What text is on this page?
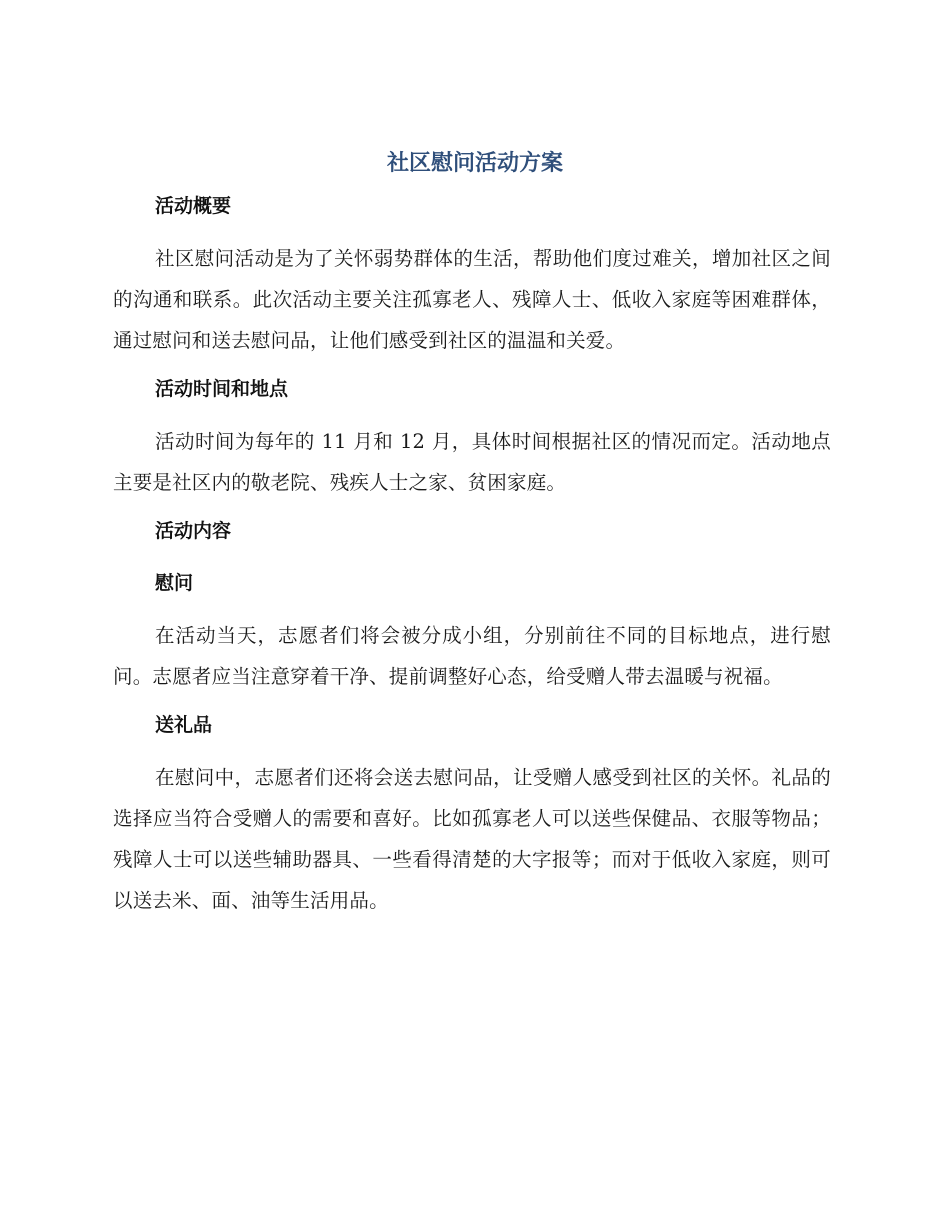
社区慰问活动方案

活动概要

社区慰问活动是为了关怀弱势群体的生活，帮助他们度过难关，增加社区之间的沟通和联系。此次活动主要关注孤寡老人、残障人士、低收入家庭等困难群体，通过慰问和送去慰问品，让他们感受到社区的温温和关爱。

活动时间和地点

活动时间为每年的 11 月和 12 月，具体时间根据社区的情况而定。活动地点主要是社区内的敬老院、残疾人士之家、贫困家庭。

活动内容

慰问

在活动当天，志愿者们将会被分成小组，分别前往不同的目标地点，进行慰问。志愿者应当注意穿着干净、提前调整好心态，给受赠人带去温暖与祝福。

送礼品

在慰问中，志愿者们还将会送去慰问品，让受赠人感受到社区的关怀。礼品的选择应当符合受赠人的需要和喜好。比如孤寡老人可以送些保健品、衣服等物品；残障人士可以送些辅助器具、一些看得清楚的大字报等；而对于低收入家庭，则可以送去米、面、油等生活用品。
